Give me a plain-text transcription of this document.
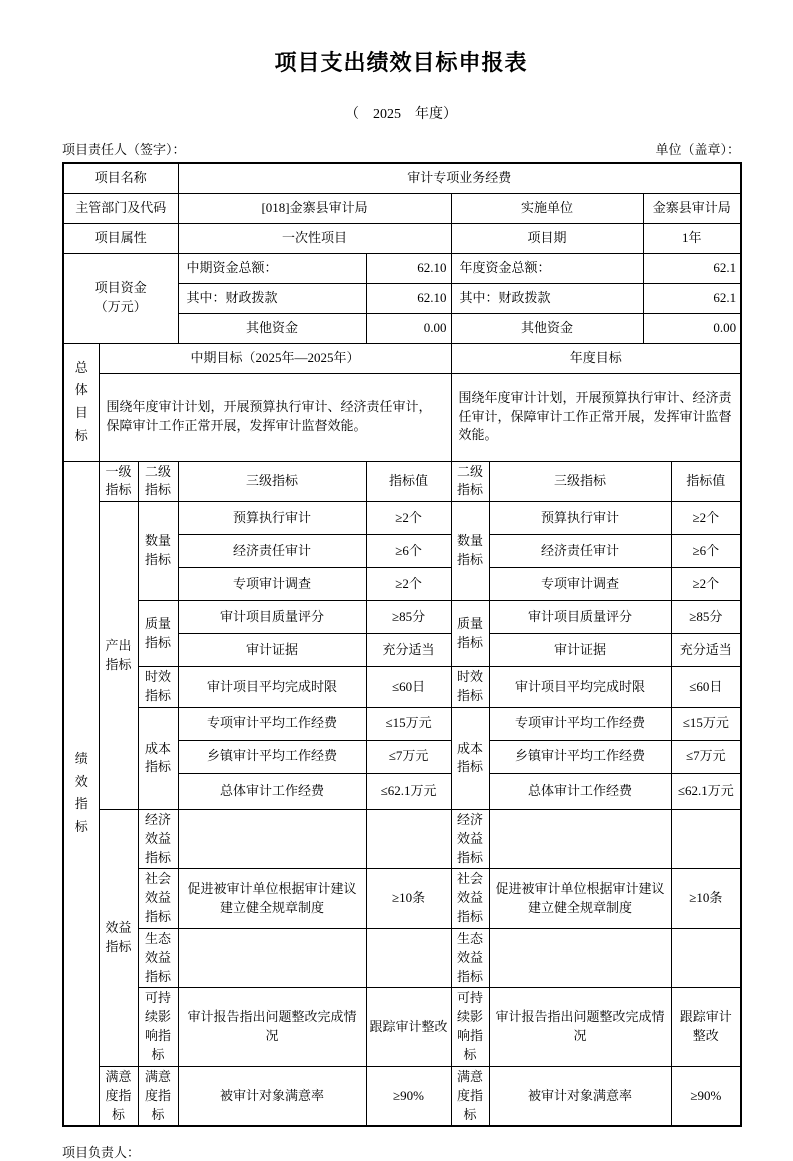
项目支出绩效目标申报表
（　2025　年度）
项目责任人（签字）：	单位（盖章）：
项目名称			审计专项业务经费					
主管部门及代码			[018]金寨县审计局		实施单位		金寨县审计局	
项目属性			一次性项目		项目期		1年	

项目资金
（万元）			中期资金总额：	62.10	年度资金总额：		62.1	
			其中：财政拨款	62.10	其中：财政拨款		62.1	
			其他资金	0.00	其他资金		0.00	
总体目标	中期目标（2025年—2025年）				年度目标			
	围绕年度审计计划，开展预算执行审计、经济责任审计，保障审计工作正常开展，发挥审计监督效能。				围绕年度审计计划，开展预算执行审计、经济责任审计，保障审计工作正常开展，发挥审计监督效能。			
绩效指标	一级指标	二级指标	三级指标	指标值	二级指标	三级指标		指标值
	产出指标	数量指标	预算执行审计	≥2个	数量指标	预算执行审计		≥2个
			经济责任审计	≥6个		经济责任审计		≥6个
			专项审计调查	≥2个		专项审计调查		≥2个
		质量指标	审计项目质量评分	≥85分	质量指标	审计项目质量评分		≥85分
			审计证据	充分适当		审计证据		充分适当
		时效指标	审计项目平均完成时限	≤60日	时效指标	审计项目平均完成时限		≤60日
		成本指标	专项审计平均工作经费	≤15万元	成本指标	专项审计平均工作经费		≤15万元
			乡镇审计平均工作经费	≤7万元		乡镇审计平均工作经费		≤7万元
			总体审计工作经费	≤62.1万元		总体审计工作经费		≤62.1万元
	效益指标	经济效益指标			经济效益指标			
		社会效益指标	促进被审计单位根据审计建议建立健全规章制度	≥10条	社会效益指标	促进被审计单位根据审计建议建立健全规章制度		≥10条
		生态效益指标			生态效益指标			
		可持续影响指标	审计报告指出问题整改完成情况	跟踪审计整改	可持续影响指标	审计报告指出问题整改完成情况		跟踪审计整改
	满意度指标	满意度指标	被审计对象满意率	≥90%	满意度指标	被审计对象满意率		≥90%
项目负责人：
